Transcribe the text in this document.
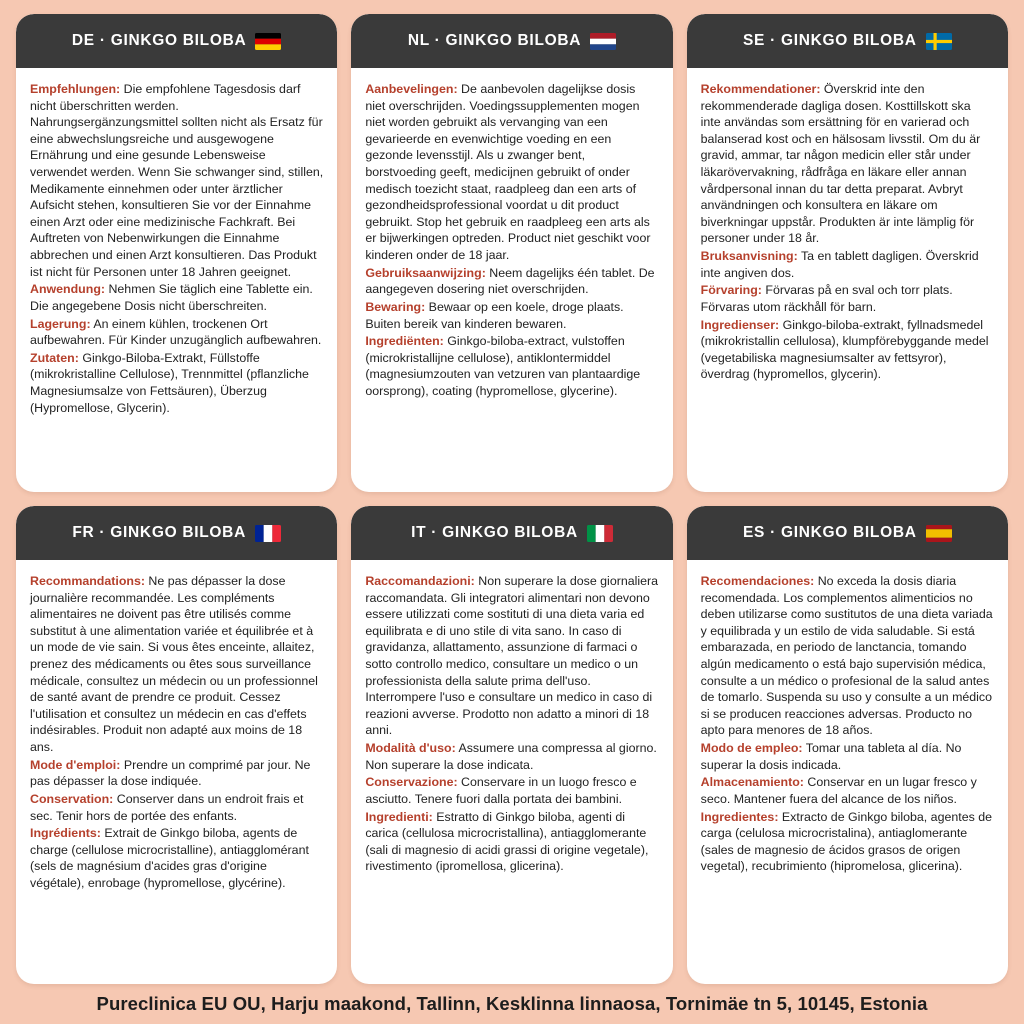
DE · GINKGO BILOBA

Empfehlungen: Die empfohlene Tagesdosis darf nicht überschritten werden. Nahrungsergänzungsmittel sollten nicht als Ersatz für eine abwechslungsreiche und ausgewogene Ernährung und eine gesunde Lebensweise verwendet werden. Wenn Sie schwanger sind, stillen, Medikamente einnehmen oder unter ärztlicher Aufsicht stehen, konsultieren Sie vor der Einnahme einen Arzt oder eine medizinische Fachkraft. Bei Auftreten von Nebenwirkungen die Einnahme abbrechen und einen Arzt konsultieren. Das Produkt ist nicht für Personen unter 18 Jahren geeignet.

Anwendung: Nehmen Sie täglich eine Tablette ein. Die angegebene Dosis nicht überschreiten.

Lagerung: An einem kühlen, trockenen Ort aufbewahren. Für Kinder unzugänglich aufbewahren.

Zutaten: Ginkgo-Biloba-Extrakt, Füllstoffe (mikrokristalline Cellulose), Trennmittel (pflanzliche Magnesiumsalze von Fettsäuren), Überzug (Hypromellose, Glycerin).

NL · GINKGO BILOBA

Aanbevelingen: De aanbevolen dagelijkse dosis niet overschrijden. Voedingssupplementen mogen niet worden gebruikt als vervanging van een gevarieerde en evenwichtige voeding en een gezonde levensstijl. Als u zwanger bent, borstvoeding geeft, medicijnen gebruikt of onder medisch toezicht staat, raadpleeg dan een arts of gezondheidsprofessional voordat u dit product gebruikt. Stop het gebruik en raadpleeg een arts als er bijwerkingen optreden. Product niet geschikt voor kinderen onder de 18 jaar.

Gebruiksaanwijzing: Neem dagelijks één tablet. De aangegeven dosering niet overschrijden.

Bewaring: Bewaar op een koele, droge plaats. Buiten bereik van kinderen bewaren.

Ingrediënten: Ginkgo-biloba-extract, vulstoffen (microkristallijne cellulose), antiklontermiddel (magnesiumzouten van vetzuren van plantaardige oorsprong), coating (hypromellose, glycerine).

SE · GINKGO BILOBA

Rekommendationer: Överskrid inte den rekommenderade dagliga dosen. Kosttillskott ska inte användas som ersättning för en varierad och balanserad kost och en hälsosam livsstil. Om du är gravid, ammar, tar någon medicin eller står under läkarövervakning, rådfråga en läkare eller annan vårdpersonal innan du tar detta preparat. Avbryt användningen och konsultera en läkare om biverkningar uppstår. Produkten är inte lämplig för personer under 18 år.

Bruksanvisning: Ta en tablett dagligen. Överskrid inte angiven dos.

Förvaring: Förvaras på en sval och torr plats. Förvaras utom räckhåll för barn.

Ingredienser: Ginkgo-biloba-extrakt, fyllnadsmedel (mikrokristallin cellulosa), klumpförebyggande medel (vegetabiliska magnesiumsalter av fettsyror), överdrag (hypromellos, glycerin).

FR · GINKGO BILOBA

Recommandations: Ne pas dépasser la dose journalière recommandée. Les compléments alimentaires ne doivent pas être utilisés comme substitut à une alimentation variée et équilibrée et à un mode de vie sain. Si vous êtes enceinte, allaitez, prenez des médicaments ou êtes sous surveillance médicale, consultez un médecin ou un professionnel de santé avant de prendre ce produit. Cessez l'utilisation et consultez un médecin en cas d'effets indésirables. Produit non adapté aux moins de 18 ans.

Mode d'emploi: Prendre un comprimé par jour. Ne pas dépasser la dose indiquée.

Conservation: Conserver dans un endroit frais et sec. Tenir hors de portée des enfants.

Ingrédients: Extrait de Ginkgo biloba, agents de charge (cellulose microcristalline), antiagglomérant (sels de magnésium d'acides gras d'origine végétale), enrobage (hypromellose, glycérine).

IT · GINKGO BILOBA

Raccomandazioni: Non superare la dose giornaliera raccomandata. Gli integratori alimentari non devono essere utilizzati come sostituti di una dieta varia ed equilibrata e di uno stile di vita sano. In caso di gravidanza, allattamento, assunzione di farmaci o sotto controllo medico, consultare un medico o un professionista della salute prima dell'uso. Interrompere l'uso e consultare un medico in caso di reazioni avverse. Prodotto non adatto a minori di 18 anni.

Modalità d'uso: Assumere una compressa al giorno. Non superare la dose indicata.

Conservazione: Conservare in un luogo fresco e asciutto. Tenere fuori dalla portata dei bambini.

Ingredienti: Estratto di Ginkgo biloba, agenti di carica (cellulosa microcristallina), antiagglomerante (sali di magnesio di acidi grassi di origine vegetale), rivestimento (ipromellosa, glicerina).

ES · GINKGO BILOBA

Recomendaciones: No exceda la dosis diaria recomendada. Los complementos alimenticios no deben utilizarse como sustitutos de una dieta variada y equilibrada y un estilo de vida saludable. Si está embarazada, en periodo de lanctancia, tomando algún medicamento o está bajo supervisión médica, consulte a un médico o profesional de la salud antes de tomarlo. Suspenda su uso y consulte a un médico si se producen reacciones adversas. Producto no apto para menores de 18 años.

Modo de empleo: Tomar una tableta al día. No superar la dosis indicada.

Almacenamiento: Conservar en un lugar fresco y seco. Mantener fuera del alcance de los niños.

Ingredientes: Extracto de Ginkgo biloba, agentes de carga (celulosa microcristalina), antiaglomerante (sales de magnesio de ácidos grasos de origen vegetal), recubrimiento (hipromelosa, glicerina).

Pureclinica EU OU, Harju maakond, Tallinn, Kesklinna linnaosa, Tornimäe tn 5, 10145, Estonia
